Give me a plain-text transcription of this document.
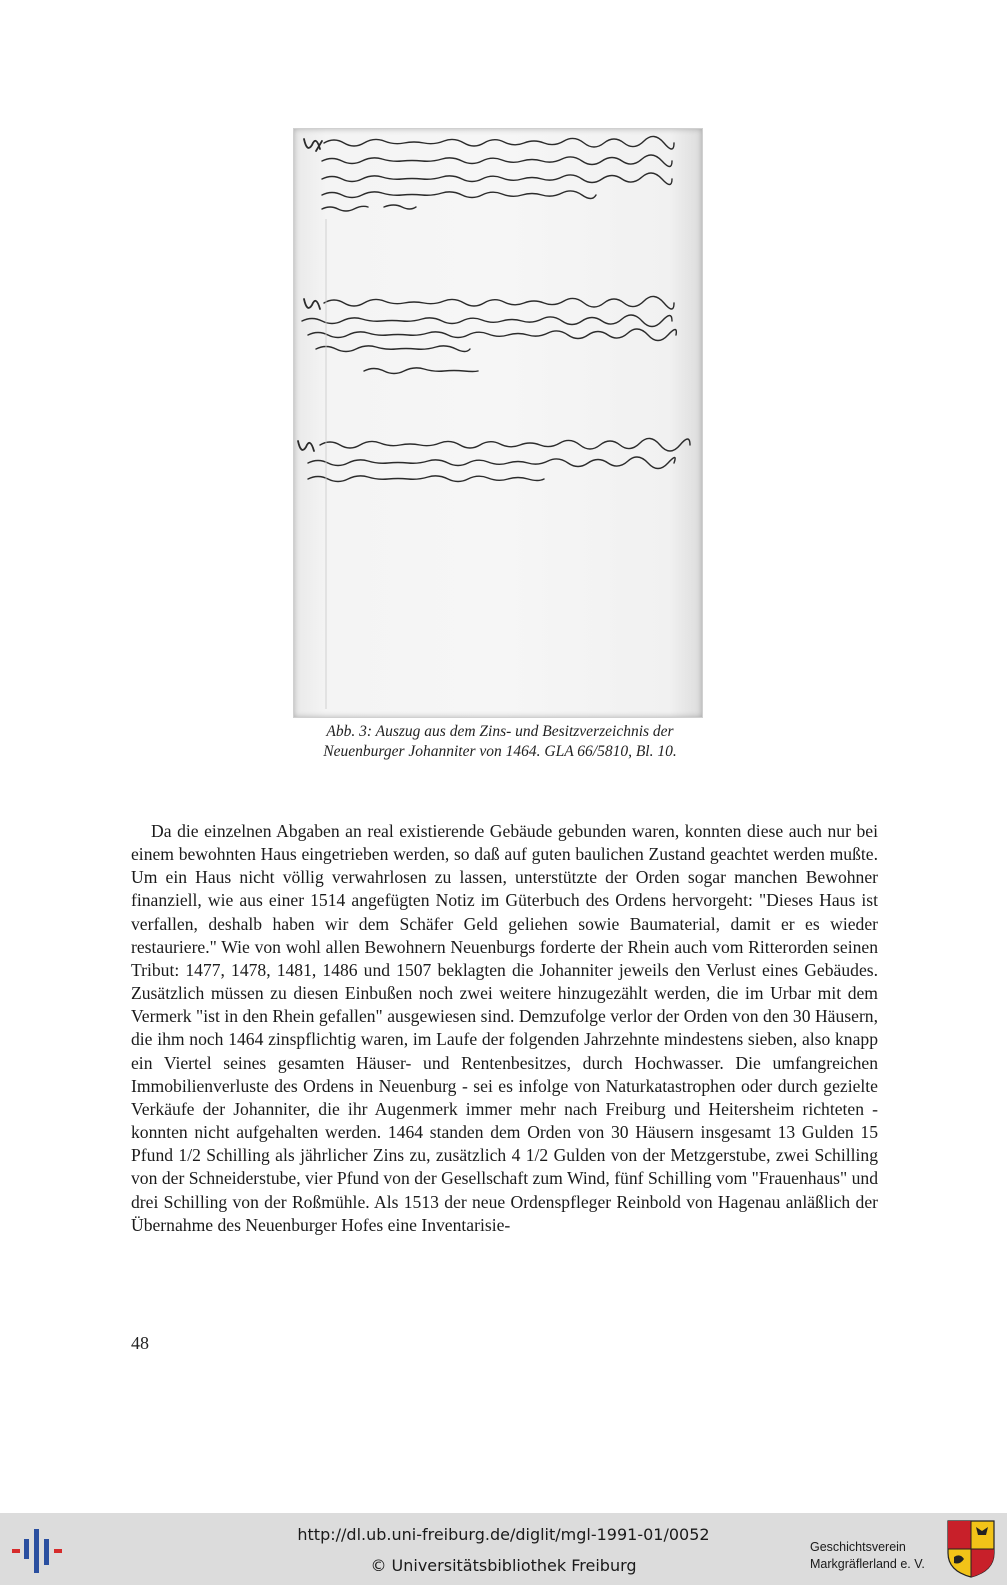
Abb. 3: Auszug aus dem Zins- und Besitzverzeichnis der
Neuenburger Johanniter von 1464. GLA 66/5810, Bl. 10.

Da die einzelnen Abgaben an real existierende Gebäude gebunden waren, konnten diese auch nur bei einem bewohnten Haus eingetrieben werden, so daß auf guten baulichen Zustand geachtet werden mußte. Um ein Haus nicht völlig verwahrlosen zu lassen, unterstützte der Orden sogar manchen Bewohner finanziell, wie aus einer 1514 angefügten Notiz im Güterbuch des Ordens hervorgeht: "Dieses Haus ist verfallen, deshalb haben wir dem Schäfer Geld geliehen sowie Baumaterial, damit er es wieder restauriere." Wie von wohl allen Bewohnern Neuenburgs forderte der Rhein auch vom Ritterorden seinen Tribut: 1477, 1478, 1481, 1486 und 1507 beklagten die Johanniter jeweils den Verlust eines Gebäudes. Zusätzlich müssen zu diesen Einbußen noch zwei weitere hinzugezählt werden, die im Urbar mit dem Vermerk "ist in den Rhein gefallen" ausgewiesen sind. Demzufolge verlor der Orden von den 30 Häusern, die ihm noch 1464 zinspflichtig waren, im Laufe der folgenden Jahrzehnte mindestens sieben, also knapp ein Viertel seines gesamten Häuser- und Rentenbesitzes, durch Hochwasser. Die umfangreichen Immobilienverluste des Ordens in Neuenburg - sei es infolge von Naturkatastrophen oder durch gezielte Verkäufe der Johanniter, die ihr Augenmerk immer mehr nach Freiburg und Heitersheim richteten - konnten nicht aufgehalten werden. 1464 standen dem Orden von 30 Häusern insgesamt 13 Gulden 15 Pfund 1/2 Schilling als jährlicher Zins zu, zusätzlich 4 1/2 Gulden von der Metzgerstube, zwei Schilling von der Schneiderstube, vier Pfund von der Gesellschaft zum Wind, fünf Schilling vom "Frauenhaus" und drei Schilling von der Roßmühle. Als 1513 der neue Ordenspfleger Reinbold von Hagenau anläßlich der Übernahme des Neuenburger Hofes eine Inventarisie-

48
http://dl.ub.uni-freiburg.de/diglit/mgl-1991-01/0052
© Universitätsbibliothek Freiburg
Geschichtsverein
Markgräflerland e. V.
